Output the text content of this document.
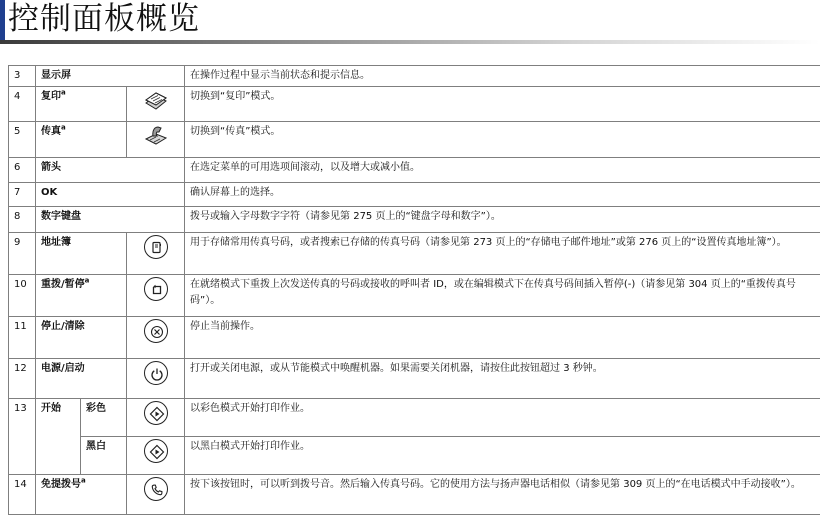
控制面板概览
3	显示屏			在操作过程中显示当前状态和提示信息。
4	复印$^a$			切换到“复印”模式。
5	传真$^a$			切换到“传真”模式。
6	箭头			在选定菜单的可用选项间滚动，以及增大或减小值。
7	OK			确认屏幕上的选择。
8	数字键盘			拨号或输入字母数字字符（请参见第 275 页上的“键盘字母和数字”）。
9	地址簿			用于存储常用传真号码，或者搜索已存储的传真号码（请参见第 273 页上的“存储电子邮件地址”或第 276 页上的“设置传真地址簿”）。
10	重拨/暂停$^a$			在就绪模式下重拨上次发送传真的号码或接收的呼叫者 ID，或在编辑模式下在传真号码间插入暂停(-)（请参见第 304 页上的“重拨传真号码”）。
11	停止/清除			停止当前操作。
12	电源/启动			打开或关闭电源，或从节能模式中唤醒机器。如果需要关闭机器，请按住此按钮超过 3 秒钟。
13	开始	彩色		以彩色模式开始打印作业。
		黑白		以黑白模式开始打印作业。
14	免提拨号$^a$			按下该按钮时，可以听到拨号音。然后输入传真号码。它的使用方法与扬声器电话相似（请参见第 309 页上的“在电话模式中手动接收”）。
